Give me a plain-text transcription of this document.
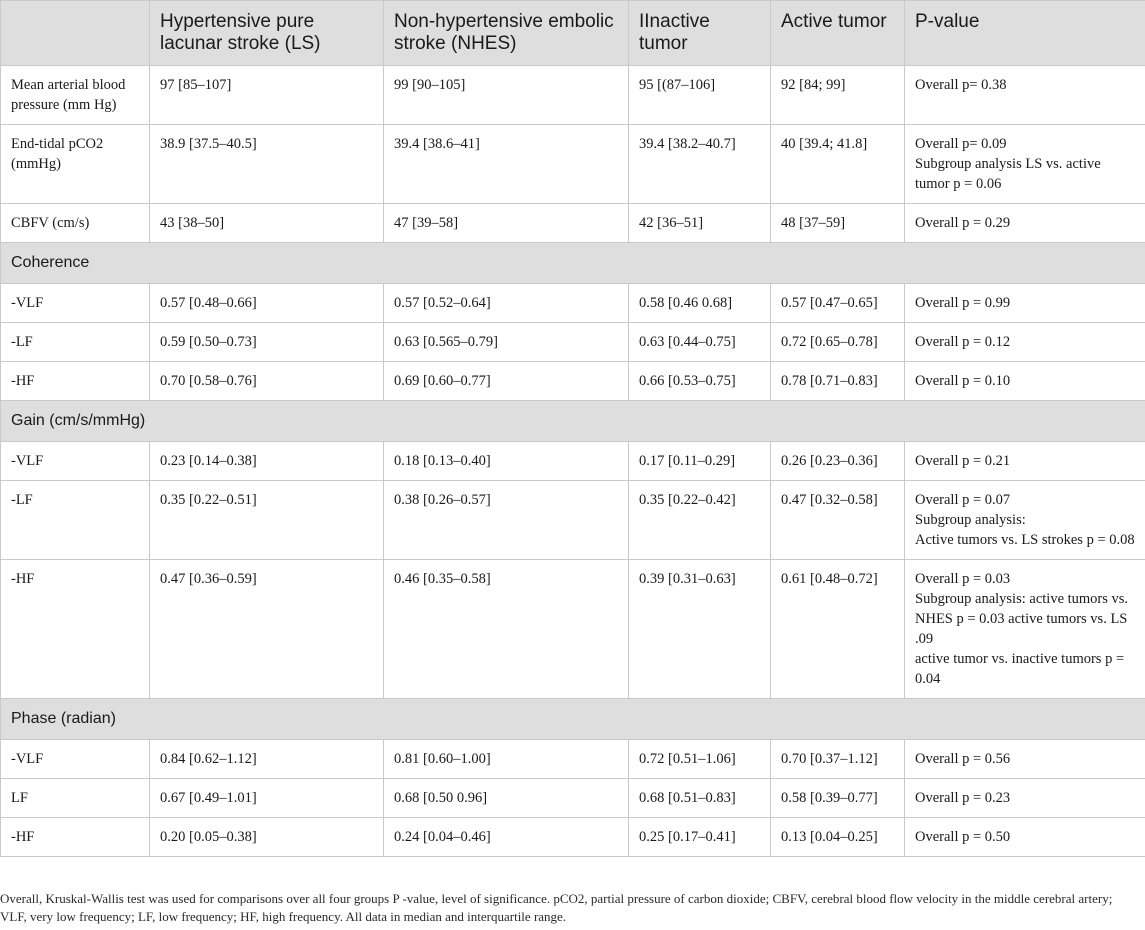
	Hypertensive pure lacunar stroke (LS)	Non-hypertensive embolic stroke (NHES)	IInactive tumor	Active tumor	P-value
Mean arterial blood pressure (mm Hg)	97 [85–107]	99 [90–105]	95 [(87–106]	92 [84; 99]	Overall p= 0.38

End-tidal pCO2 (mmHg)	38.9 [37.5–40.5]	39.4 [38.6–41]	39.4 [38.2–40.7]	40 [39.4; 41.8]	Overall p= 0.09
Subgroup analysis LS vs. active tumor p = 0.06

CBFV (cm/s)	43 [38–50]	47 [39–58]	42 [36–51]	48 [37–59]	Overall p = 0.29

Coherence					
-VLF	0.57 [0.48–0.66]	0.57 [0.52–0.64]	0.58 [0.46 0.68]	0.57 [0.47–0.65]	Overall p = 0.99

-LF	0.59 [0.50–0.73]	0.63 [0.565–0.79]	0.63 [0.44–0.75]	0.72 [0.65–0.78]	Overall p = 0.12

-HF	0.70 [0.58–0.76]	0.69 [0.60–0.77]	0.66 [0.53–0.75]	0.78 [0.71–0.83]	Overall p = 0.10

Gain (cm/s/mmHg)					
-VLF	0.23 [0.14–0.38]	0.18 [0.13–0.40]	0.17 [0.11–0.29]	0.26 [0.23–0.36]	Overall p = 0.21

-LF	0.35 [0.22–0.51]	0.38 [0.26–0.57]	0.35 [0.22–0.42]	0.47 [0.32–0.58]	Overall p = 0.07
Subgroup analysis:
Active tumors vs. LS strokes p = 0.08

-HF	0.47 [0.36–0.59]	0.46 [0.35–0.58]	0.39 [0.31–0.63]	0.61 [0.48–0.72]	Overall p = 0.03
Subgroup analysis: active tumors vs. NHES p = 0.03 active tumors vs. LS .09
active tumor vs. inactive tumors p = 0.04

Phase (radian)					
-VLF	0.84 [0.62–1.12]	0.81 [0.60–1.00]	0.72 [0.51–1.06]	0.70 [0.37–1.12]	Overall p = 0.56

LF	0.67 [0.49–1.01]	0.68 [0.50 0.96]	0.68 [0.51–0.83]	0.58 [0.39–0.77]	Overall p = 0.23

-HF	0.20 [0.05–0.38]	0.24 [0.04–0.46]	0.25 [0.17–0.41]	0.13 [0.04–0.25]	Overall p = 0.50
Overall, Kruskal-Wallis test was used for comparisons over all four groups P -value, level of significance. pCO2, partial pressure of carbon dioxide; CBFV, cerebral blood flow velocity in the middle cerebral artery; VLF, very low frequency; LF, low frequency; HF, high frequency. All data in median and interquartile range.
